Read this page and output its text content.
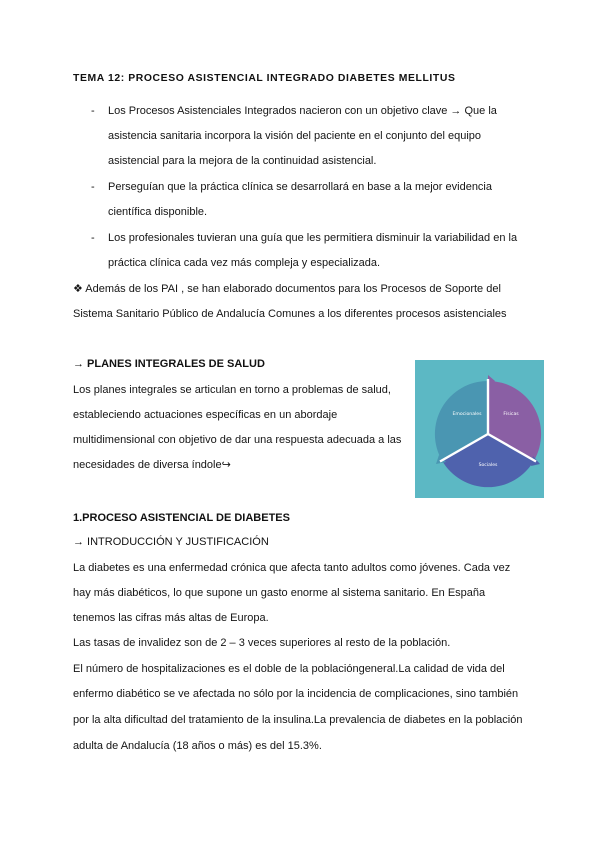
TEMA 12: PROCESO ASISTENCIAL INTEGRADO DIABETES MELLITUS
- Los Procesos Asistenciales Integrados nacieron con un objetivo clave → Que la
asistencia sanitaria incorpora la visión del paciente en el conjunto del equipo
asistencial para la mejora de la continuidad asistencial.
- Perseguían que la práctica clínica se desarrollará en base a la mejor evidencia
científica disponible.
- Los profesionales tuvieran una guía que les permitiera disminuir la variabilidad en la
práctica clínica cada vez más compleja y especializada.
❖ Además de los PAI , se han elaborado documentos para los Procesos de Soporte del
Sistema Sanitario Público de Andalucía Comunes a los diferentes procesos asistenciales
→ PLANES INTEGRALES DE SALUD
Los planes integrales se articulan en torno a problemas de salud,
estableciendo actuaciones específicas en un abordaje
multidimensional con objetivo de dar una respuesta adecuada a las
necesidades de diversa índole↪
Emocionales	Físicas
Sociales
1.PROCESO ASISTENCIAL DE DIABETES
→ INTRODUCCIÓN Y JUSTIFICACIÓN
La diabetes es una enfermedad crónica que afecta tanto adultos como jóvenes. Cada vez
hay más diabéticos, lo que supone un gasto enorme al sistema sanitario. En España
tenemos las cifras más altas de Europa.
Las tasas de invalidez son de 2 – 3 veces superiores al resto de la población.
El número de hospitalizaciones es el doble de la poblacióngeneral.La calidad de vida del
enfermo diabético se ve afectada no sólo por la incidencia de complicaciones, sino también
por la alta dificultad del tratamiento de la insulina.La prevalencia de diabetes en la población
adulta de Andalucía (18 años o más) es del 15.3%.
